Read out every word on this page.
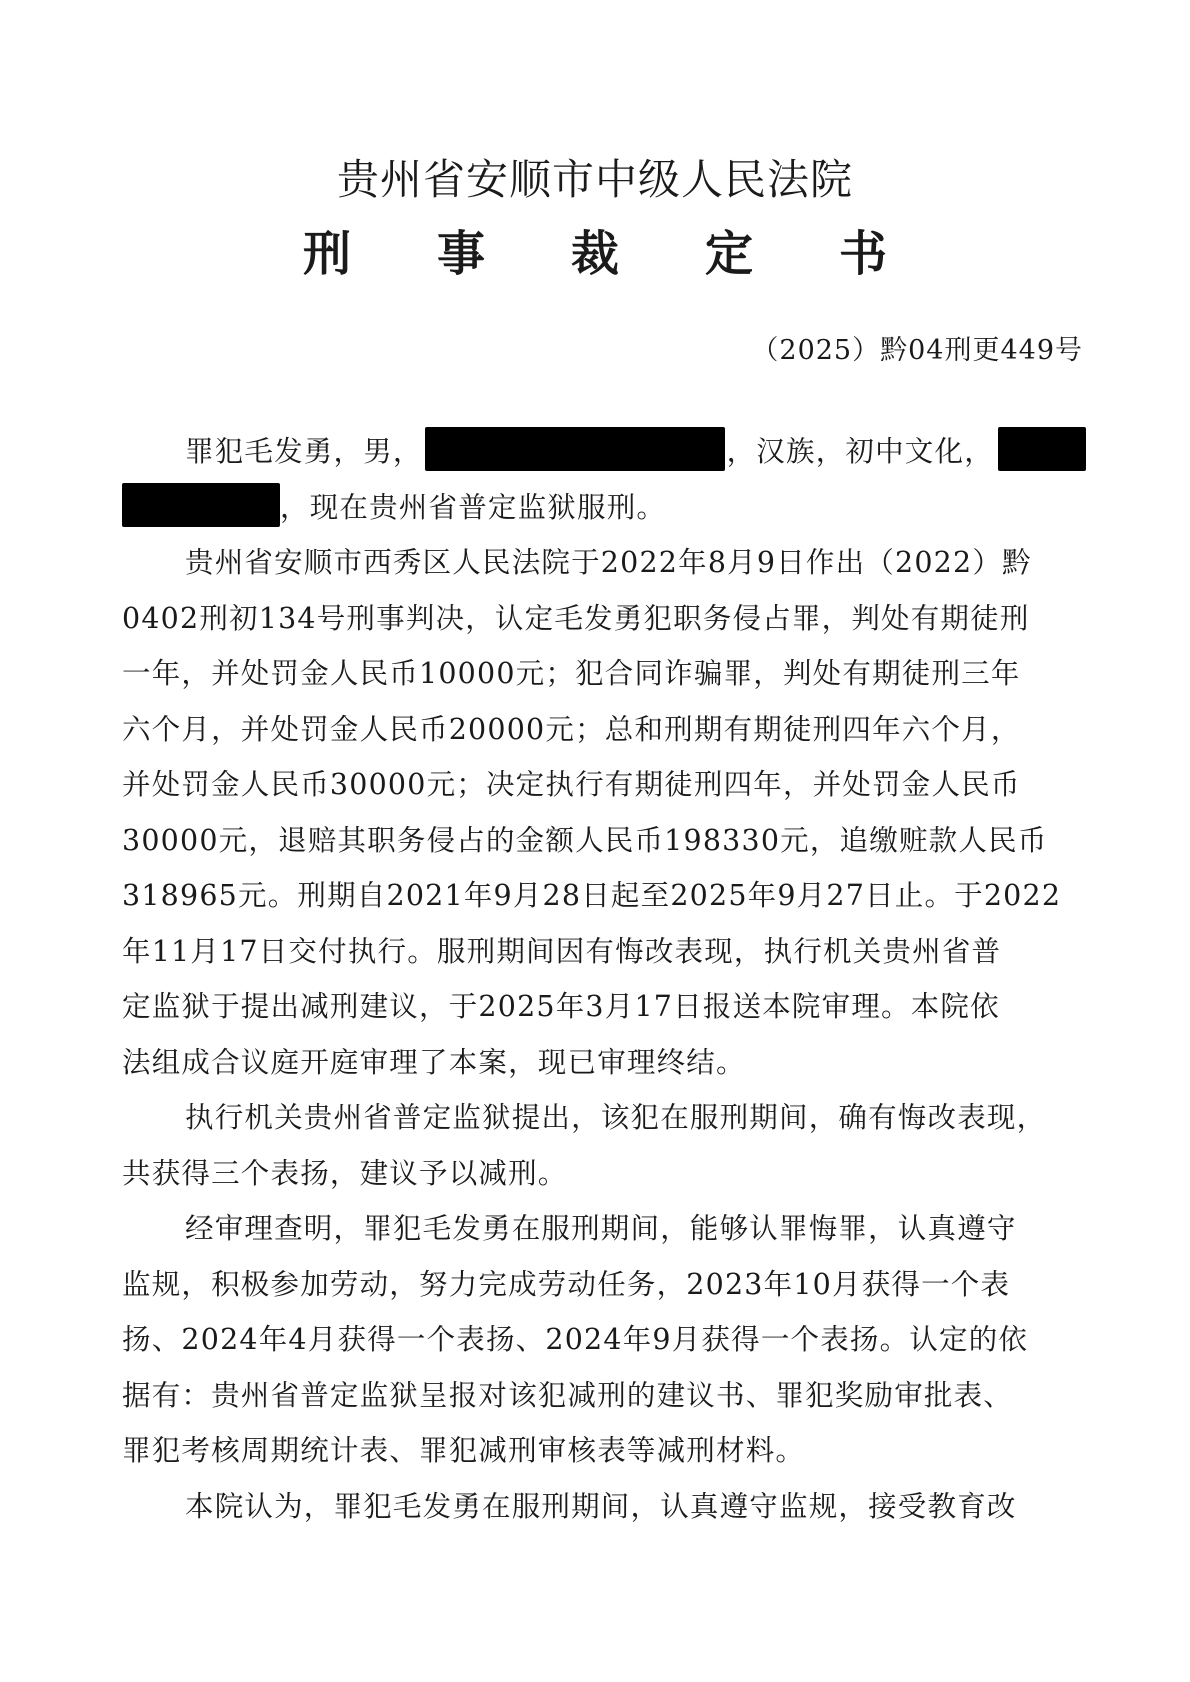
贵州省安顺市中级人民法院
刑 事 裁 定 书
（2025）黔04刑更449号

罪犯毛发勇，男，	，汉族，初中文化，
，现在贵州省普定监狱服刑。

贵州省安顺市西秀区人民法院于2022年8月9日作出（2022）黔
0402刑初134号刑事判决，认定毛发勇犯职务侵占罪，判处有期徒刑
一年，并处罚金人民币10000元；犯合同诈骗罪，判处有期徒刑三年
六个月，并处罚金人民币20000元；总和刑期有期徒刑四年六个月，
并处罚金人民币30000元；决定执行有期徒刑四年，并处罚金人民币
30000元，退赔其职务侵占的金额人民币198330元，追缴赃款人民币
318965元。刑期自2021年9月28日起至2025年9月27日止。于2022
年11月17日交付执行。服刑期间因有悔改表现，执行机关贵州省普
定监狱于提出减刑建议，于2025年3月17日报送本院审理。本院依
法组成合议庭开庭审理了本案，现已审理终结。

执行机关贵州省普定监狱提出，该犯在服刑期间，确有悔改表现，
共获得三个表扬，建议予以减刑。

经审理查明，罪犯毛发勇在服刑期间，能够认罪悔罪，认真遵守
监规，积极参加劳动，努力完成劳动任务，2023年10月获得一个表
扬、2024年4月获得一个表扬、2024年9月获得一个表扬。认定的依
据有：贵州省普定监狱呈报对该犯减刑的建议书、罪犯奖励审批表、
罪犯考核周期统计表、罪犯减刑审核表等减刑材料。

本院认为，罪犯毛发勇在服刑期间，认真遵守监规，接受教育改
